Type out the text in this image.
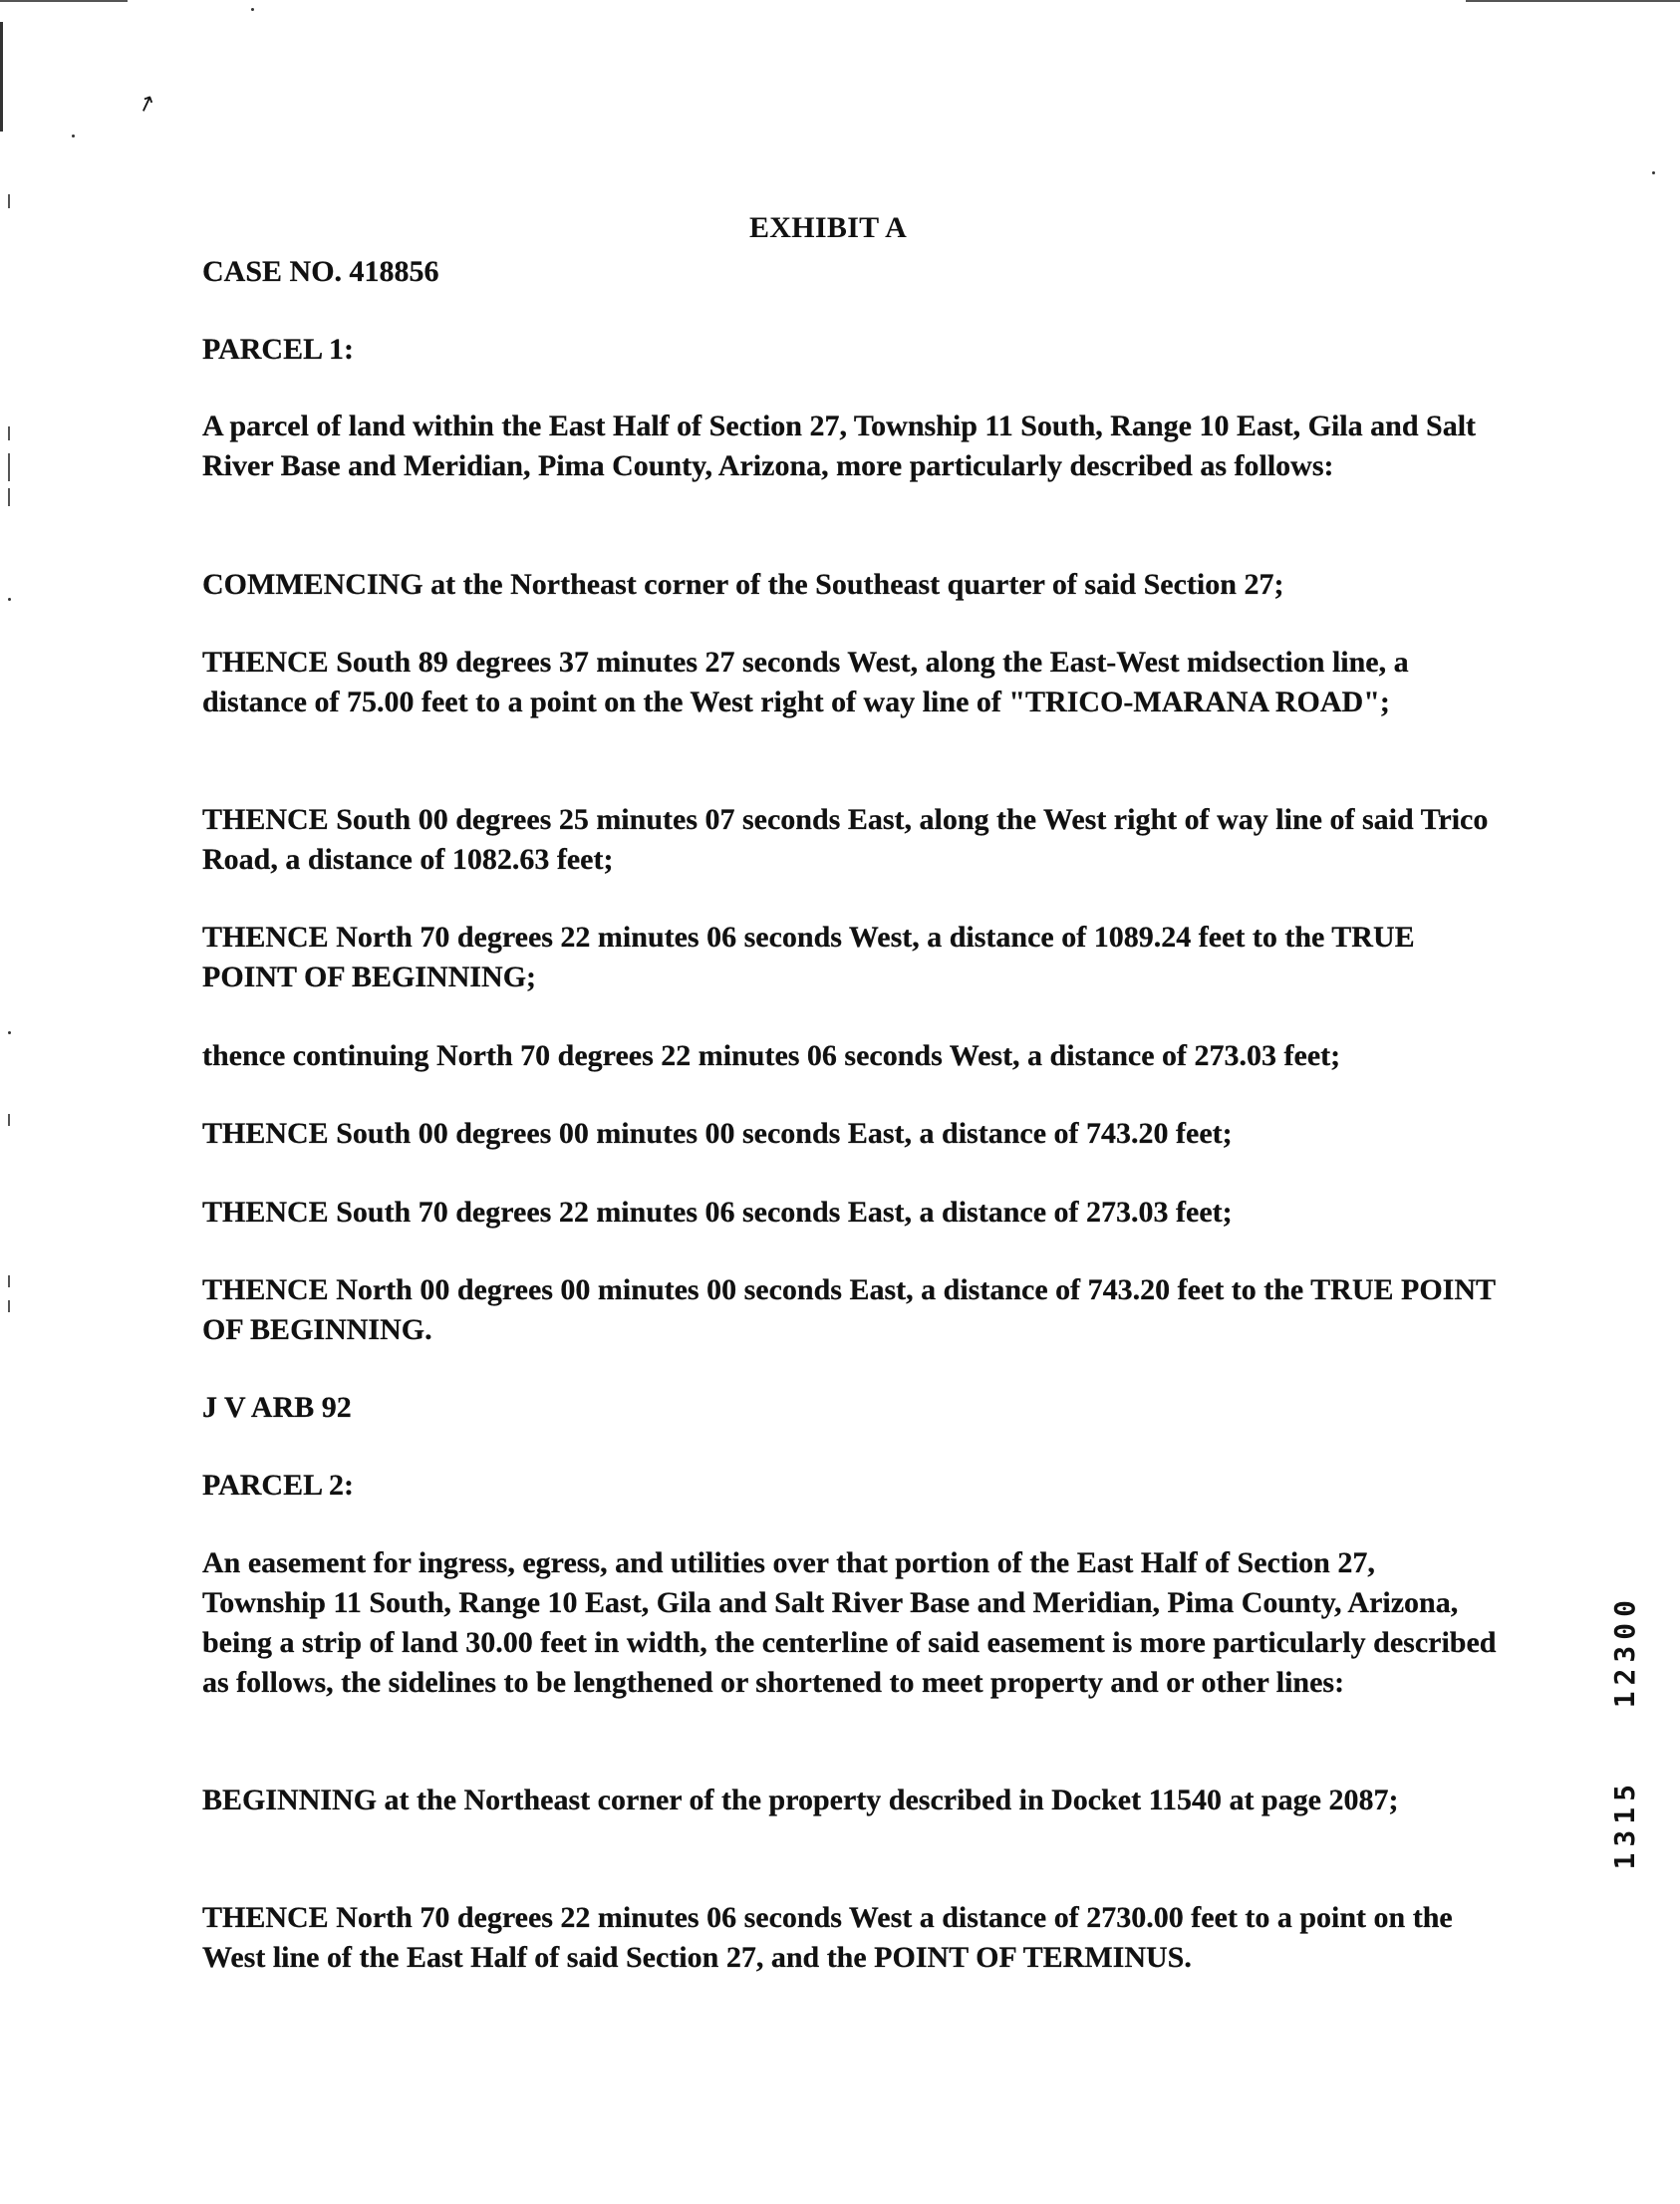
↗
EXHIBIT A

CASE NO. 418856

PARCEL 1:

A parcel of land within the East Half of Section 27, Township 11 South, Range 10 East, Gila and Salt River Base and Meridian, Pima County, Arizona, more particularly described as follows:

COMMENCING at the Northeast corner of the Southeast quarter of said Section 27;

THENCE South 89 degrees 37 minutes 27 seconds West, along the East-West midsection line, a distance of 75.00 feet to a point on the West right of way line of "TRICO-MARANA ROAD";

THENCE South 00 degrees 25 minutes 07 seconds East, along the West right of way line of said Trico Road, a distance of 1082.63 feet;

THENCE North 70 degrees 22 minutes 06 seconds West, a distance of 1089.24 feet to the TRUE POINT OF BEGINNING;

thence continuing North 70 degrees 22 minutes 06 seconds West, a distance of 273.03 feet;

THENCE South 00 degrees 00 minutes 00 seconds East, a distance of 743.20 feet;

THENCE South 70 degrees 22 minutes 06 seconds East, a distance of 273.03 feet;

THENCE North 00 degrees 00 minutes 00 seconds East, a distance of 743.20 feet to the TRUE POINT OF BEGINNING.

J V ARB 92

PARCEL 2:

An easement for ingress, egress, and utilities over that portion of the East Half of Section 27, Township 11 South, Range 10 East, Gila and Salt River Base and Meridian, Pima County, Arizona, being a strip of land 30.00 feet in width, the centerline of said easement is more particularly described as follows, the sidelines to be lengthened or shortened to meet property and or other lines:

BEGINNING at the Northeast corner of the property described in Docket 11540 at page 2087;

THENCE North 70 degrees 22 minutes 06 seconds West a distance of 2730.00 feet to a point on the West line of the East Half of said Section 27, and the POINT OF TERMINUS.

12300
1315
